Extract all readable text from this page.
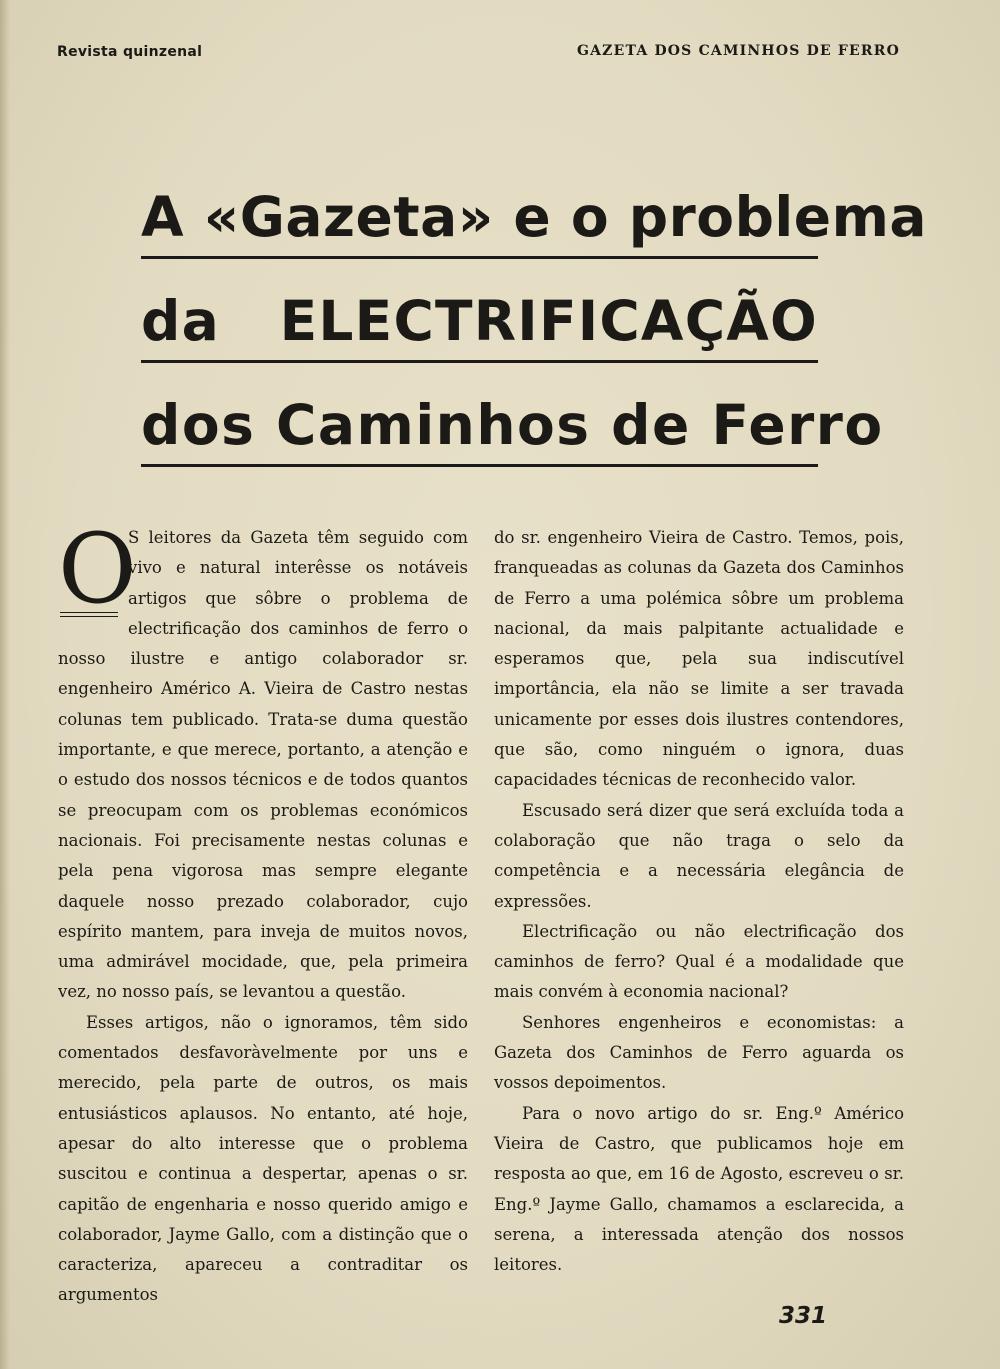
Revista quinzenal	GAZETA DOS CAMINHOS DE FERRO
A «Gazeta» e o problema
da ELECTRIFICAÇÃO
dos Caminhos de Ferro
O

S leitores da Gazeta têm seguido com vivo e natural interêsse os notáveis artigos que sôbre o problema de electrificação dos caminhos de ferro o nosso ilustre e antigo colaborador sr. engenheiro Américo A. Vieira de Castro nestas colunas tem publicado. Trata-se duma questão importante, e que merece, portanto, a atenção e o estudo dos nossos técnicos e de todos quantos se preocupam com os problemas económicos nacionais. Foi precisamente nestas colunas e pela pena vigorosa mas sempre elegante daquele nosso prezado colaborador, cujo espírito mantem, para inveja de muitos novos, uma admirável mocidade, que, pela primeira vez, no nosso país, se levantou a questão.

Esses artigos, não o ignoramos, têm sido comentados desfavoràvelmente por uns e merecido, pela parte de outros, os mais entusiásticos aplausos. No entanto, até hoje, apesar do alto interesse que o problema suscitou e continua a despertar, apenas o sr. capitão de engenharia e nosso querido amigo e colaborador, Jayme Gallo, com a distinção que o caracteriza, apareceu a contraditar os argumentos

do sr. engenheiro Vieira de Castro. Temos, pois, franqueadas as colunas da Gazeta dos Caminhos de Ferro a uma polémica sôbre um problema nacional, da mais palpitante actualidade e esperamos que, pela sua indiscutível importância, ela não se limite a ser travada unicamente por esses dois ilustres contendores, que são, como ninguém o ignora, duas capacidades técnicas de reconhecido valor.

Escusado será dizer que será excluída toda a colaboração que não traga o selo da competência e a necessária elegância de expressões.

Electrificação ou não electrificação dos caminhos de ferro? Qual é a modalidade que mais convém à economia nacional?

Senhores engenheiros e economistas: a Gazeta dos Caminhos de Ferro aguarda os vossos depoimentos.

Para o novo artigo do sr. Eng.º Américo Vieira de Castro, que publicamos hoje em resposta ao que, em 16 de Agosto, escreveu o sr. Eng.º Jayme Gallo, chamamos a esclarecida, a serena, a interessada atenção dos nossos leitores.

331
